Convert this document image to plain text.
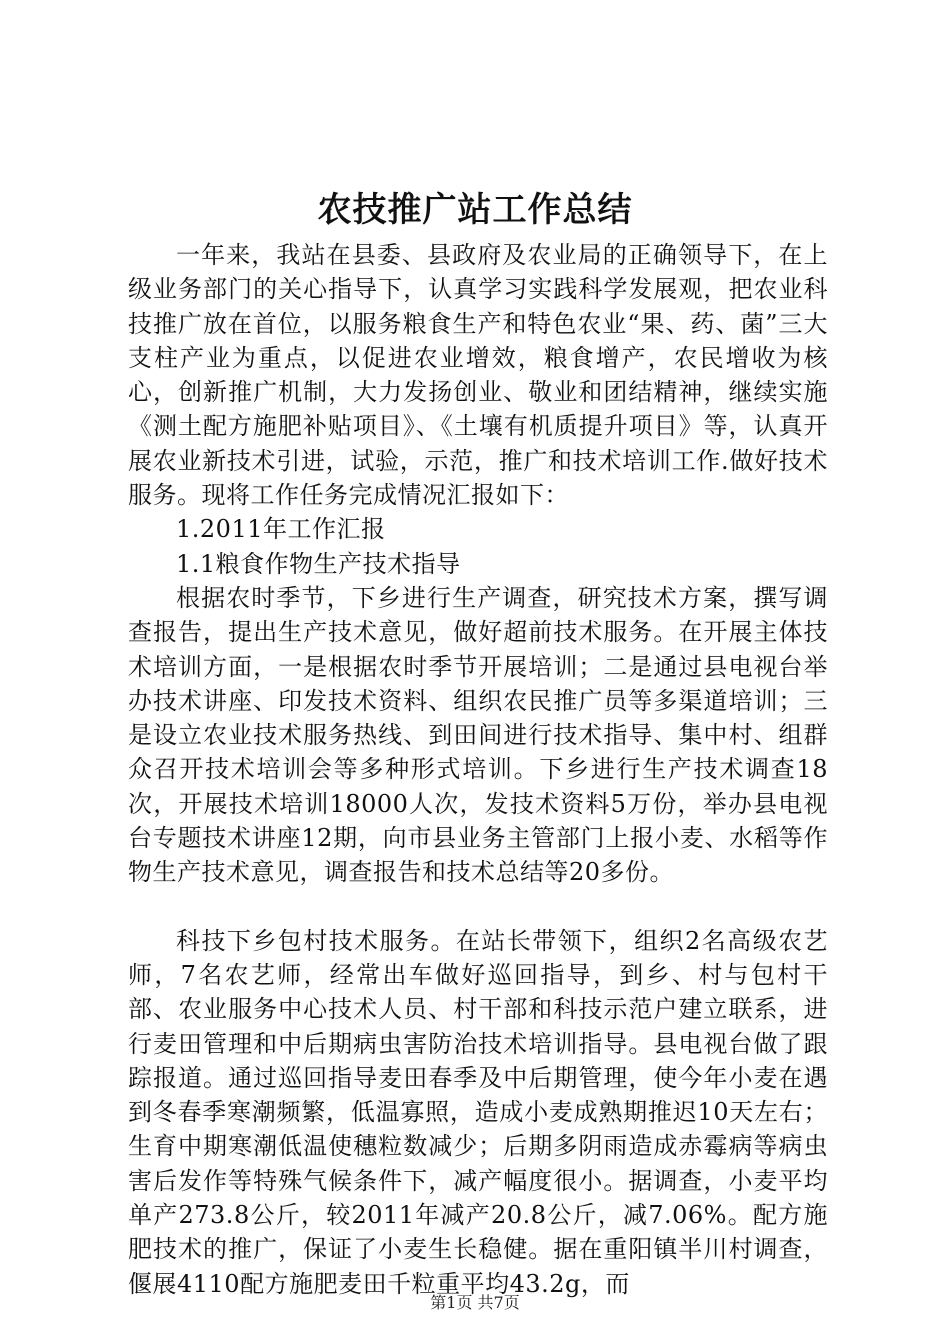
农技推广站工作总结

一年来，我站在县委、县政府及农业局的正确领导下，在上级业务部门的关心指导下，认真学习实践科学发展观，把农业科技推广放在首位，以服务粮食生产和特色农业“果、药、菌”三大支柱产业为重点，以促进农业增效，粮食增产，农民增收为核心，创新推广机制，大力发扬创业、敬业和团结精神，继续实施《测土配方施肥补贴项目》、《土壤有机质提升项目》等，认真开展农业新技术引进，试验，示范，推广和技术培训工作.做好技术服务。现将工作任务完成情况汇报如下：

1.2011年工作汇报

1.1粮食作物生产技术指导

根据农时季节，下乡进行生产调查，研究技术方案，撰写调查报告，提出生产技术意见，做好超前技术服务。在开展主体技术培训方面，一是根据农时季节开展培训；二是通过县电视台举办技术讲座、印发技术资料、组织农民推广员等多渠道培训；三是设立农业技术服务热线、到田间进行技术指导、集中村、组群众召开技术培训会等多种形式培训。下乡进行生产技术调查18次，开展技术培训18000人次，发技术资料5万份，举办县电视台专题技术讲座12期，向市县业务主管部门上报小麦、水稻等作物生产技术意见，调查报告和技术总结等20多份。

科技下乡包村技术服务。在站长带领下，组织2名高级农艺师，7名农艺师，经常出车做好巡回指导，到乡、村与包村干部、农业服务中心技术人员、村干部和科技示范户建立联系，进行麦田管理和中后期病虫害防治技术培训指导。县电视台做了跟踪报道。通过巡回指导麦田春季及中后期管理，使今年小麦在遇到冬春季寒潮频繁，低温寡照，造成小麦成熟期推迟10天左右；生育中期寒潮低温使穗粒数减少；后期多阴雨造成赤霉病等病虫害后发作等特殊气候条件下，减产幅度很小。据调查，小麦平均单产273.8公斤，较2011年减产20.8公斤，减7.06%。配方施肥技术的推广，保证了小麦生长稳健。据在重阳镇半川村调查，偃展4110配方施肥麦田千粒重平均43.2g，而

第1页 共7页
